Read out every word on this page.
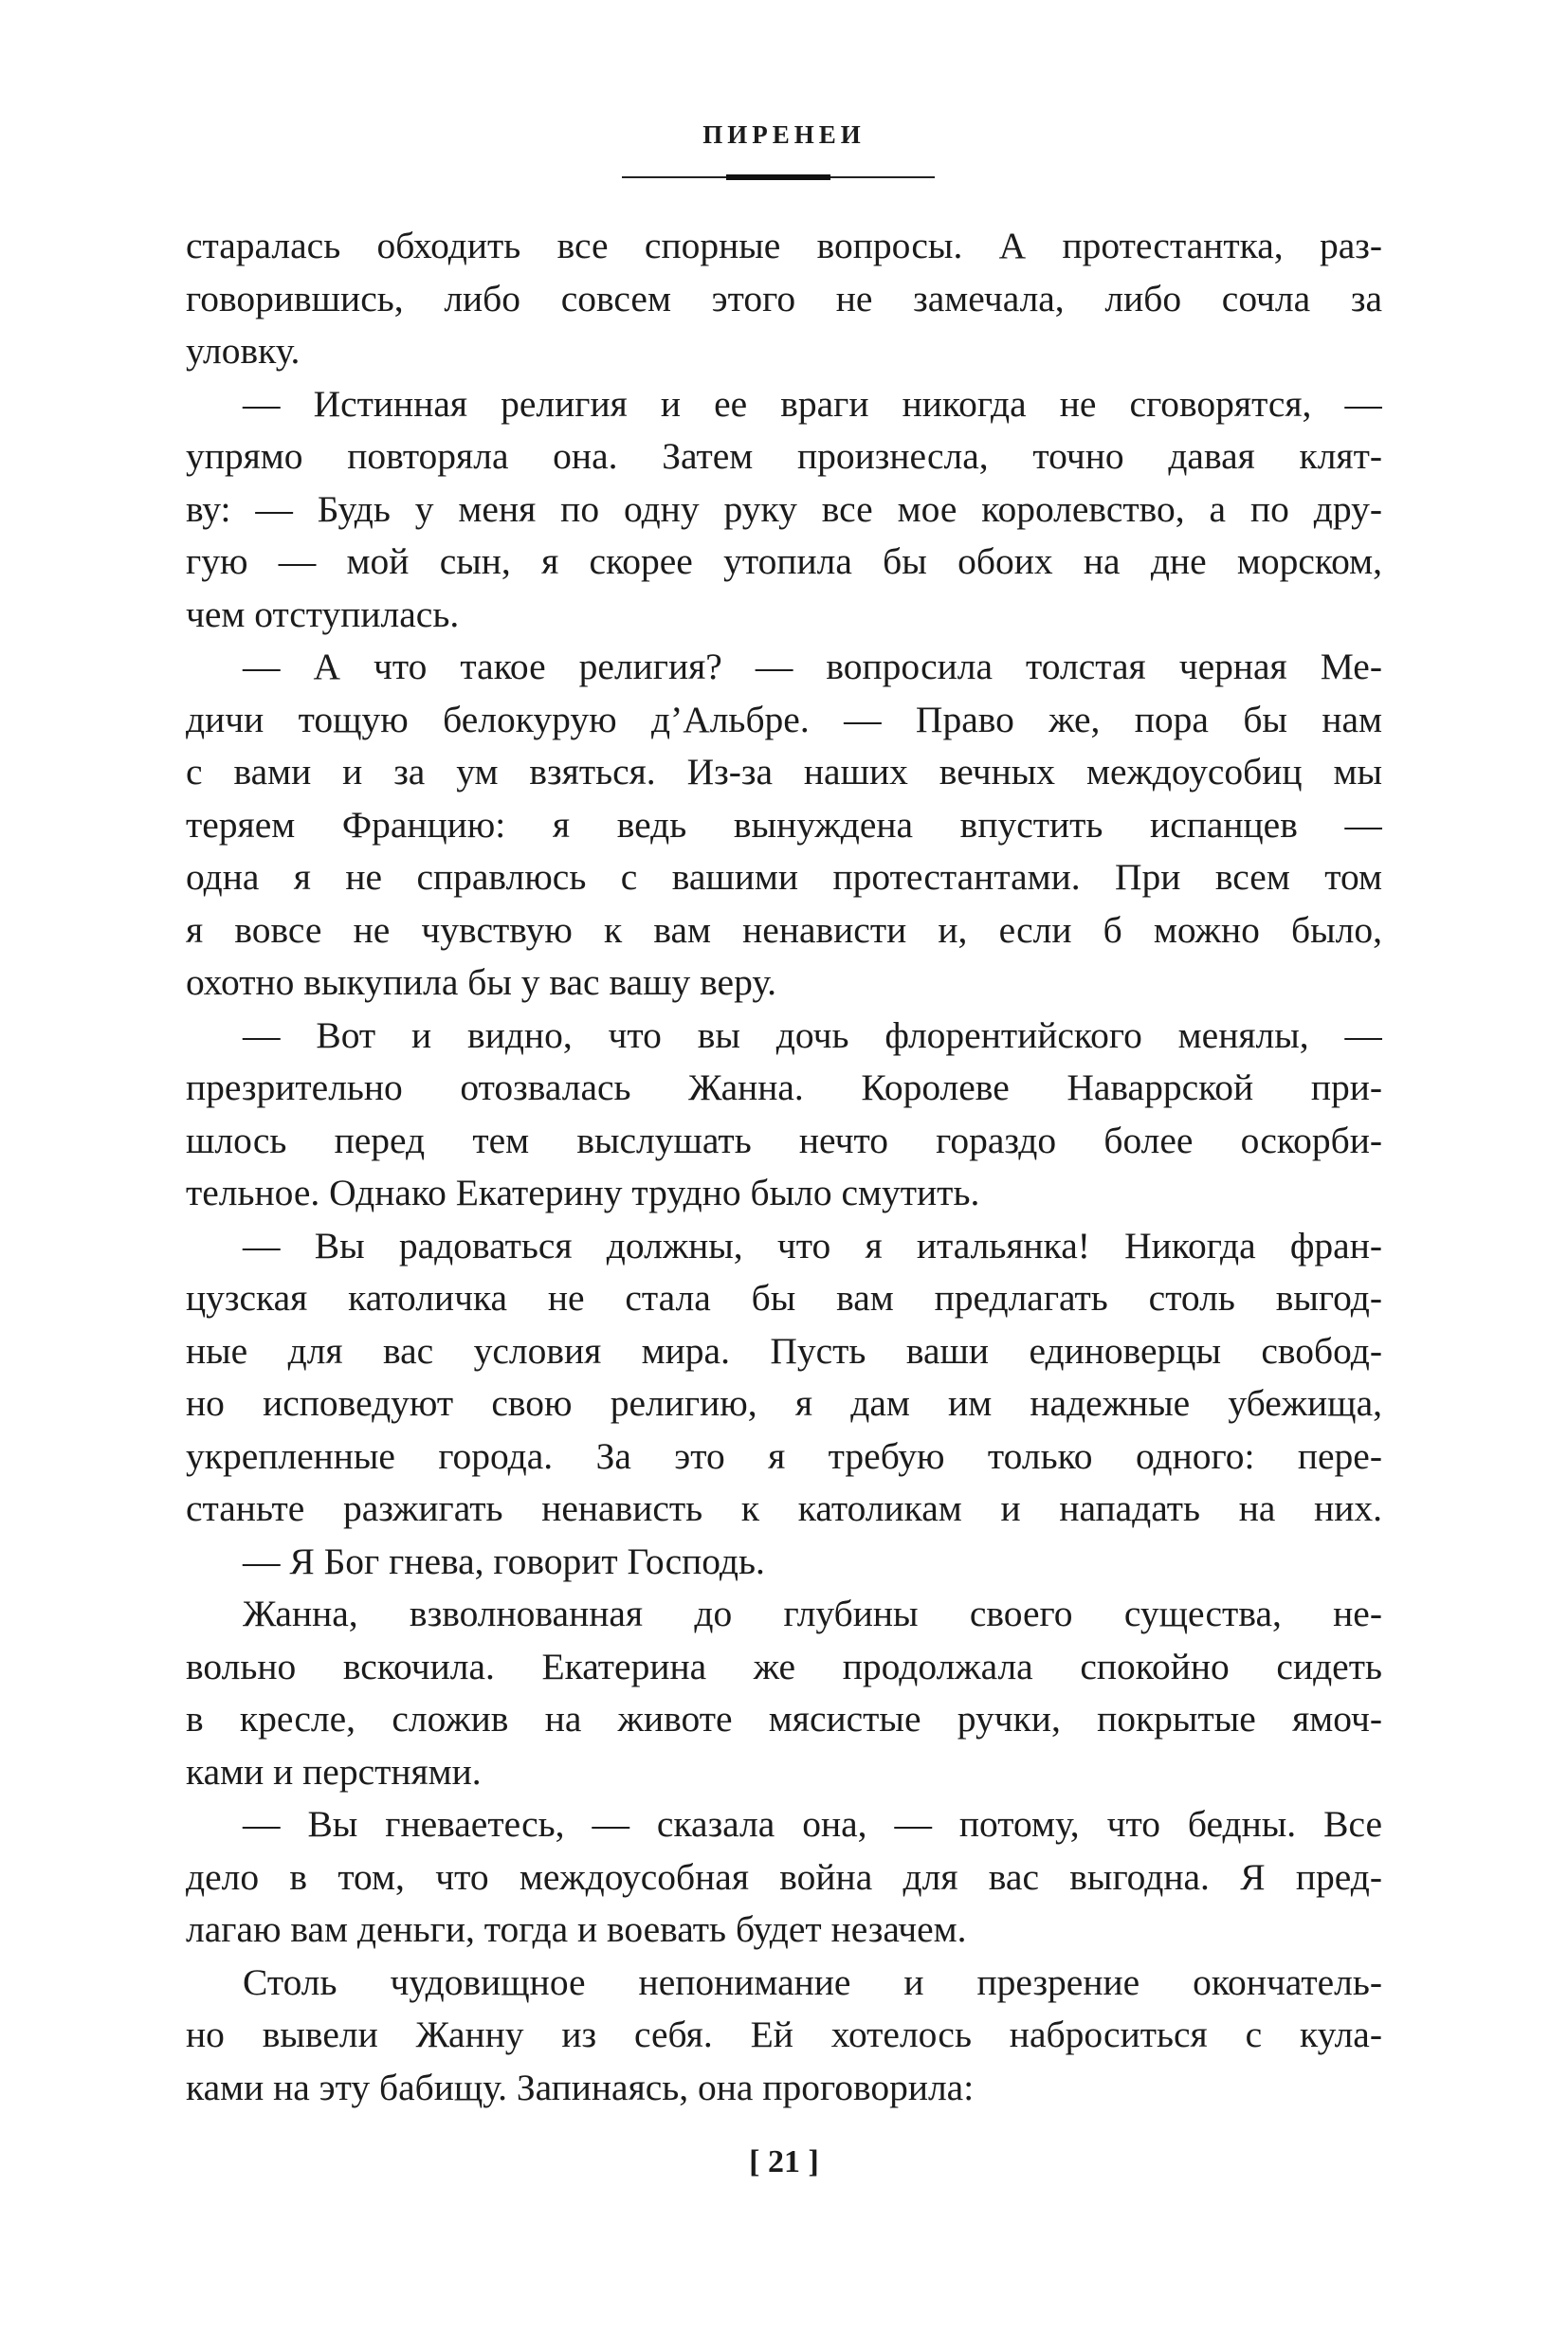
ПИРЕНЕИ
старалась обходить все спорные вопросы. А протестантка, раз-
говорившись, либо совсем этого не замечала, либо сочла за
уловку.
— Истинная религия и ее враги никогда не сговорятся, —
упрямо повторяла она. Затем произнесла, точно давая клят-
ву: — Будь у меня по одну руку все мое королевство, а по дру-
гую — мой сын, я скорее утопила бы обоих на дне морском,
чем отступилась.
— А что такое религия? — вопросила толстая черная Ме-
дичи тощую белокурую д’Альбре. — Право же, пора бы нам
с вами и за ум взяться. Из-за наших вечных междоусобиц мы
теряем Францию: я ведь вынуждена впустить испанцев —
одна я не справлюсь с вашими протестантами. При всем том
я вовсе не чувствую к вам ненависти и, если б можно было,
охотно выкупила бы у вас вашу веру.
— Вот и видно, что вы дочь флорентийского менялы, —
презрительно отозвалась Жанна. Королеве Наваррской при-
шлось перед тем выслушать нечто гораздо более оскорби-
тельное. Однако Екатерину трудно было смутить.
— Вы радоваться должны, что я итальянка! Никогда фран-
цузская католичка не стала бы вам предлагать столь выгод-
ные для вас условия мира. Пусть ваши единоверцы свобод-
но исповедуют свою религию, я дам им надежные убежища,
укрепленные города. За это я требую только одного: пере-
станьте разжигать ненависть к католикам и нападать на них.
— Я Бог гнева, говорит Господь.
Жанна, взволнованная до глубины своего существа, не-
вольно вскочила. Екатерина же продолжала спокойно сидеть
в кресле, сложив на животе мясистые ручки, покрытые ямоч-
ками и перстнями.
— Вы гневаетесь, — сказала она, — потому, что бедны. Все
дело в том, что междоусобная война для вас выгодна. Я пред-
лагаю вам деньги, тогда и воевать будет незачем.
Столь чудовищное непонимание и презрение окончатель-
но вывели Жанну из себя. Ей хотелось наброситься с кула-
ками на эту бабищу. Запинаясь, она проговорила:
[ 21 ]
